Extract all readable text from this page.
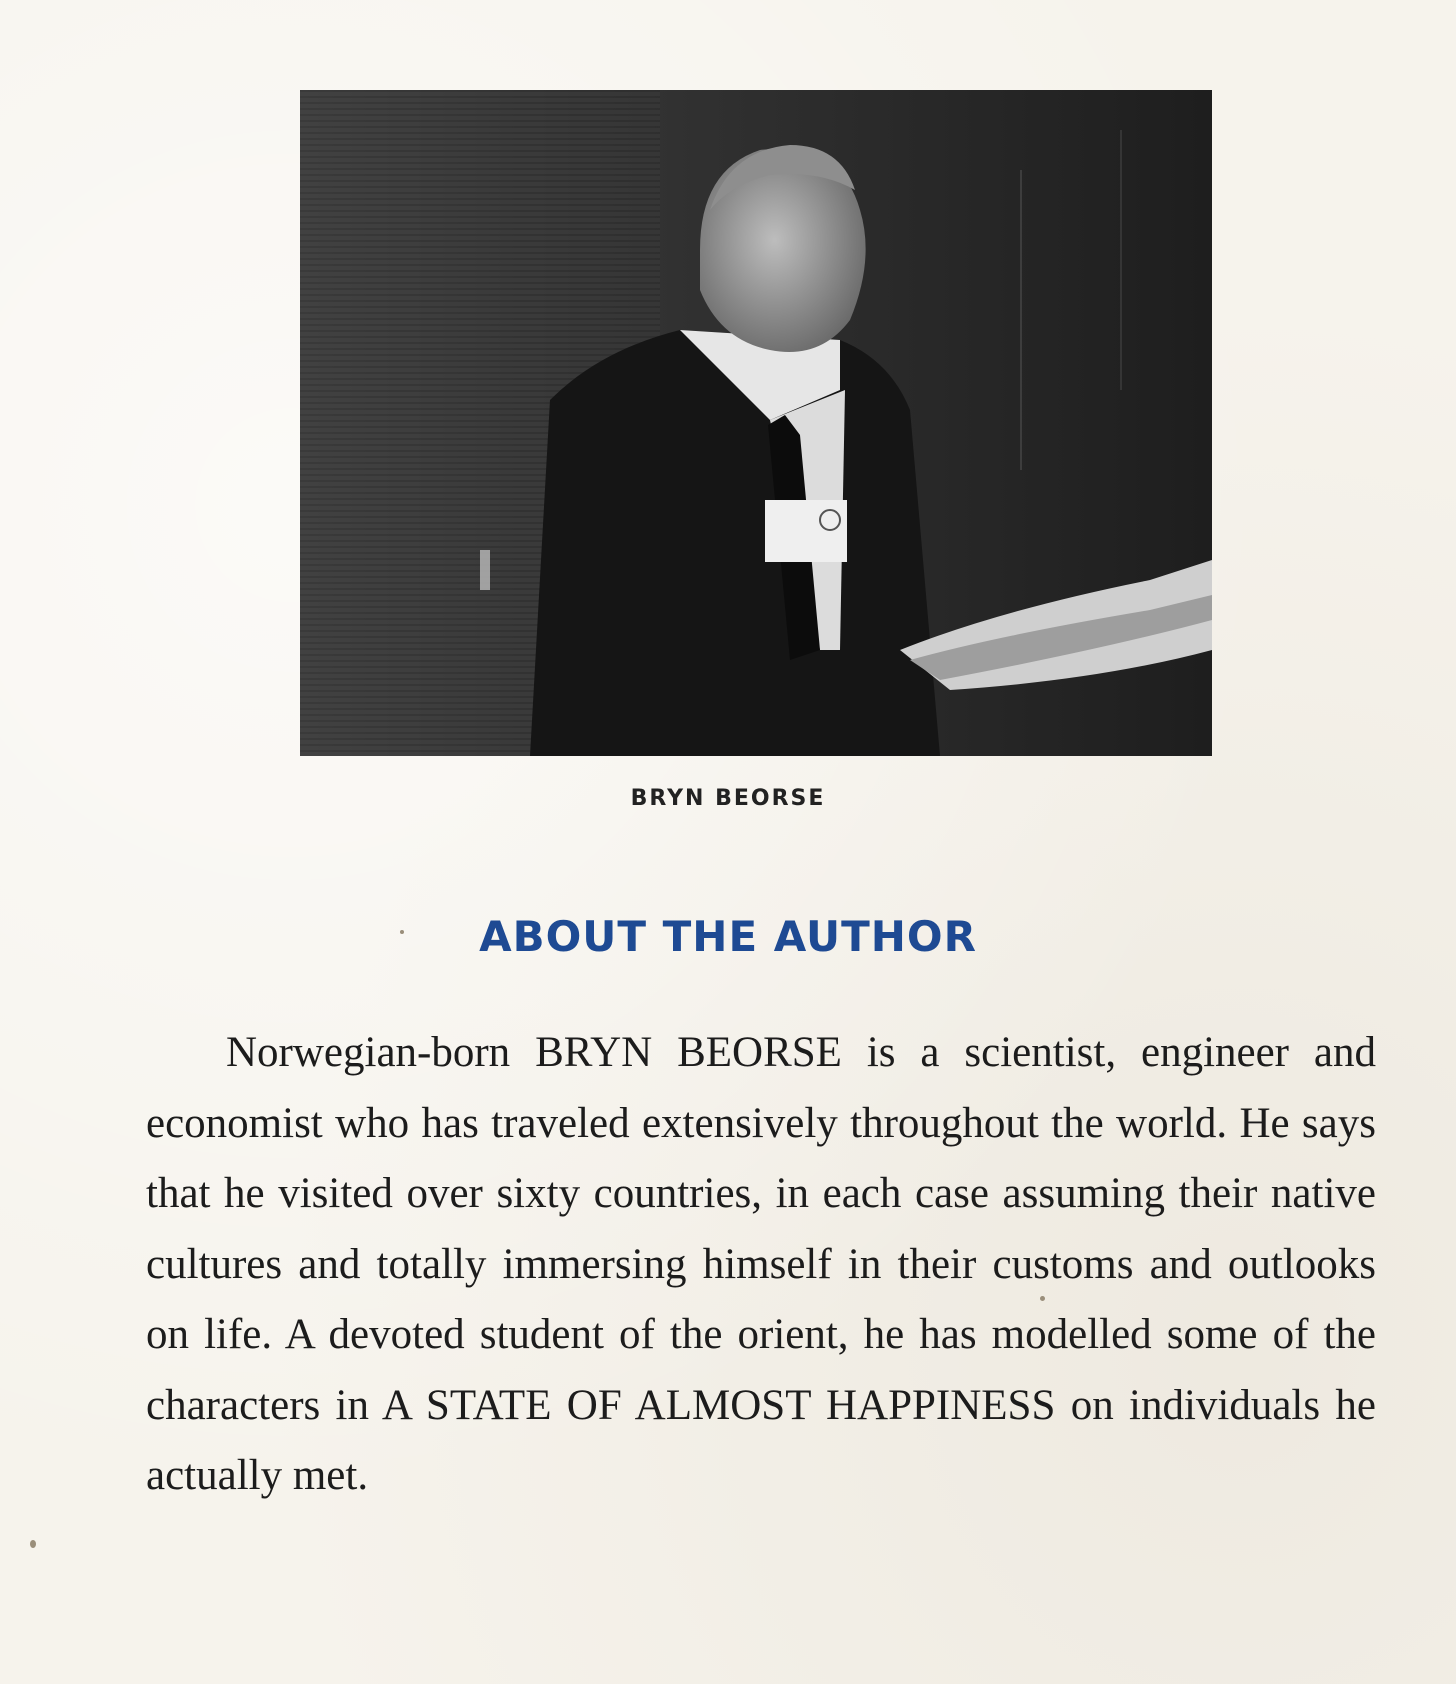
BRYN BEORSE
ABOUT THE AUTHOR

Norwegian-born BRYN BEORSE is a scientist, engineer and economist who has traveled extensively throughout the world. He says that he visited over sixty countries, in each case assuming their native cultures and totally immersing himself in their customs and outlooks on life. A devoted student of the orient, he has modelled some of the characters in A STATE OF ALMOST HAPPINESS on individuals he actually met.
